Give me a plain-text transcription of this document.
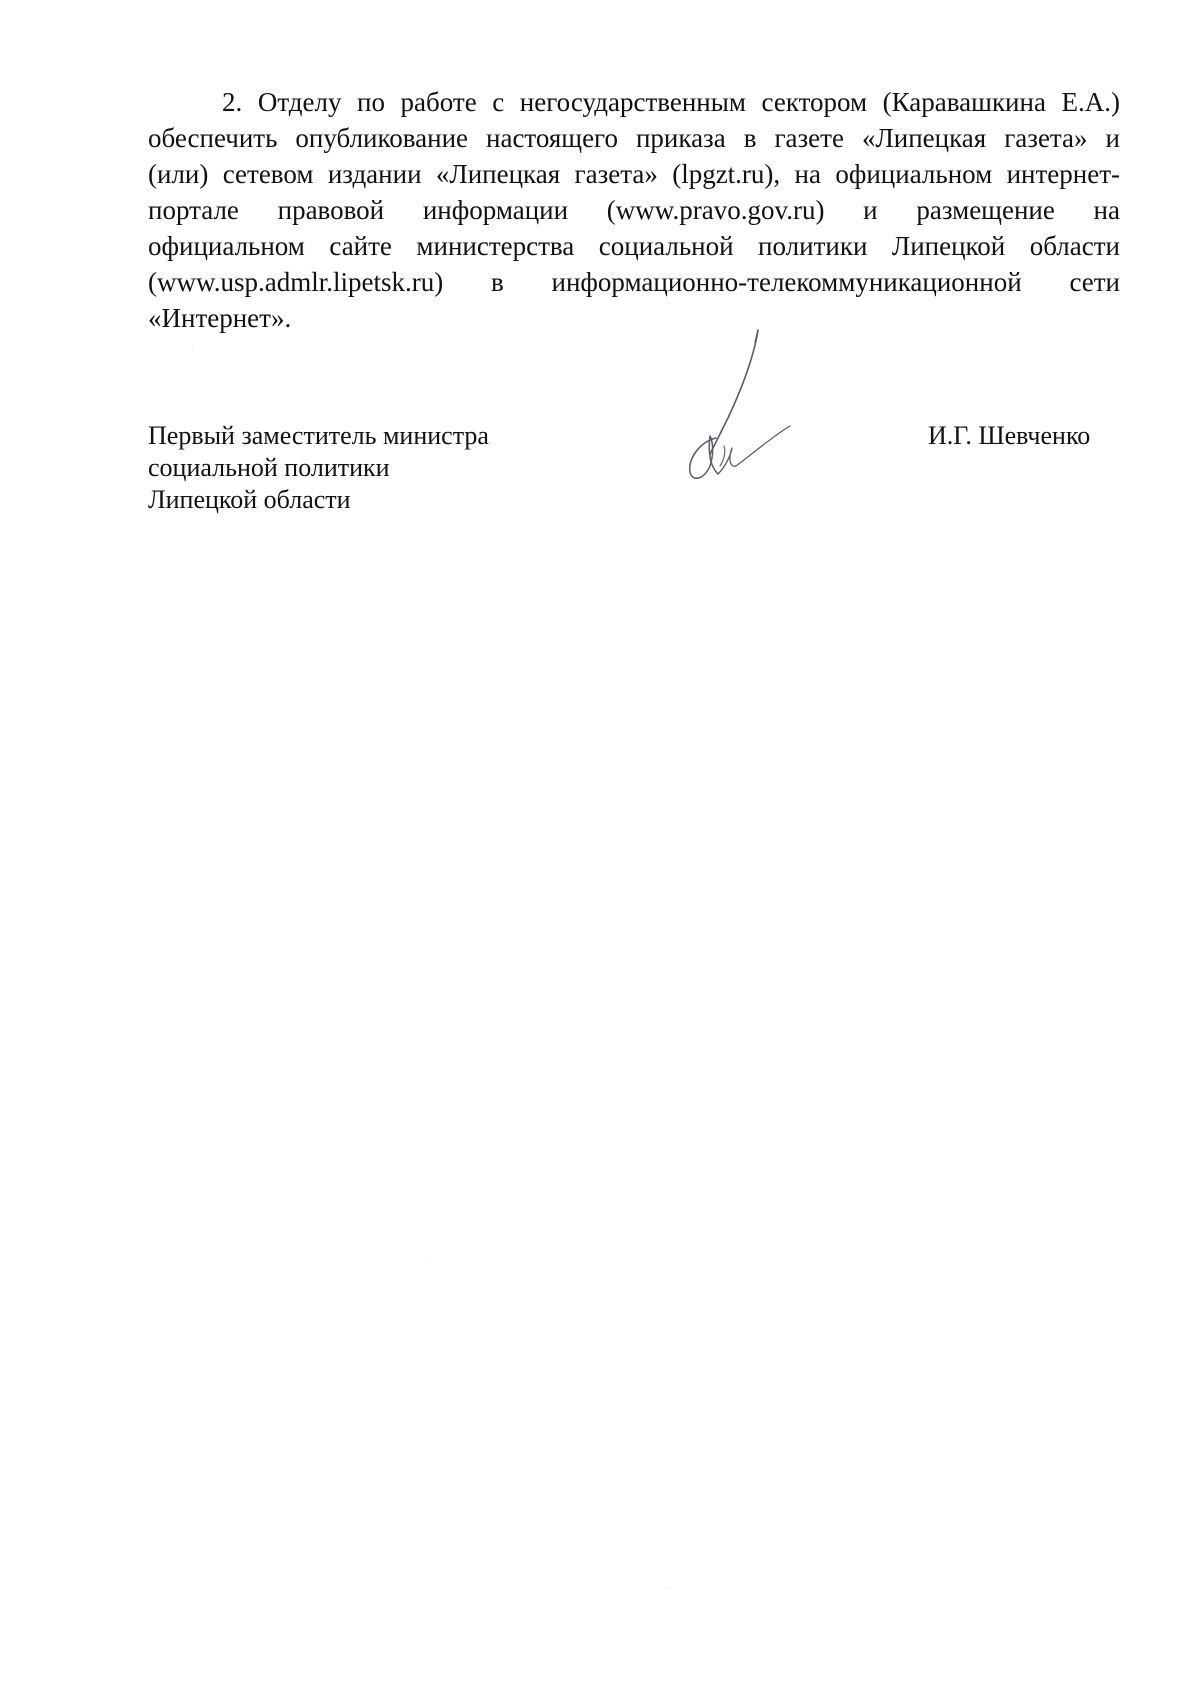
2. Отделу по работе с негосударственным сектором (Каравашкина Е.А.)
обеспечить опубликование настоящего приказа в газете «Липецкая газета» и
(или) сетевом издании «Липецкая газета» (lpgzt.ru), на официальном интернет-
портале правовой информации (www.pravo.gov.ru) и размещение на
официальном сайте министерства социальной политики Липецкой области
(www.usp.admlr.lipetsk.ru) в информационно-телекоммуникационной сети
«Интернет».
Первый заместитель министра
социальной политики
Липецкой области
И.Г. Шевченко
